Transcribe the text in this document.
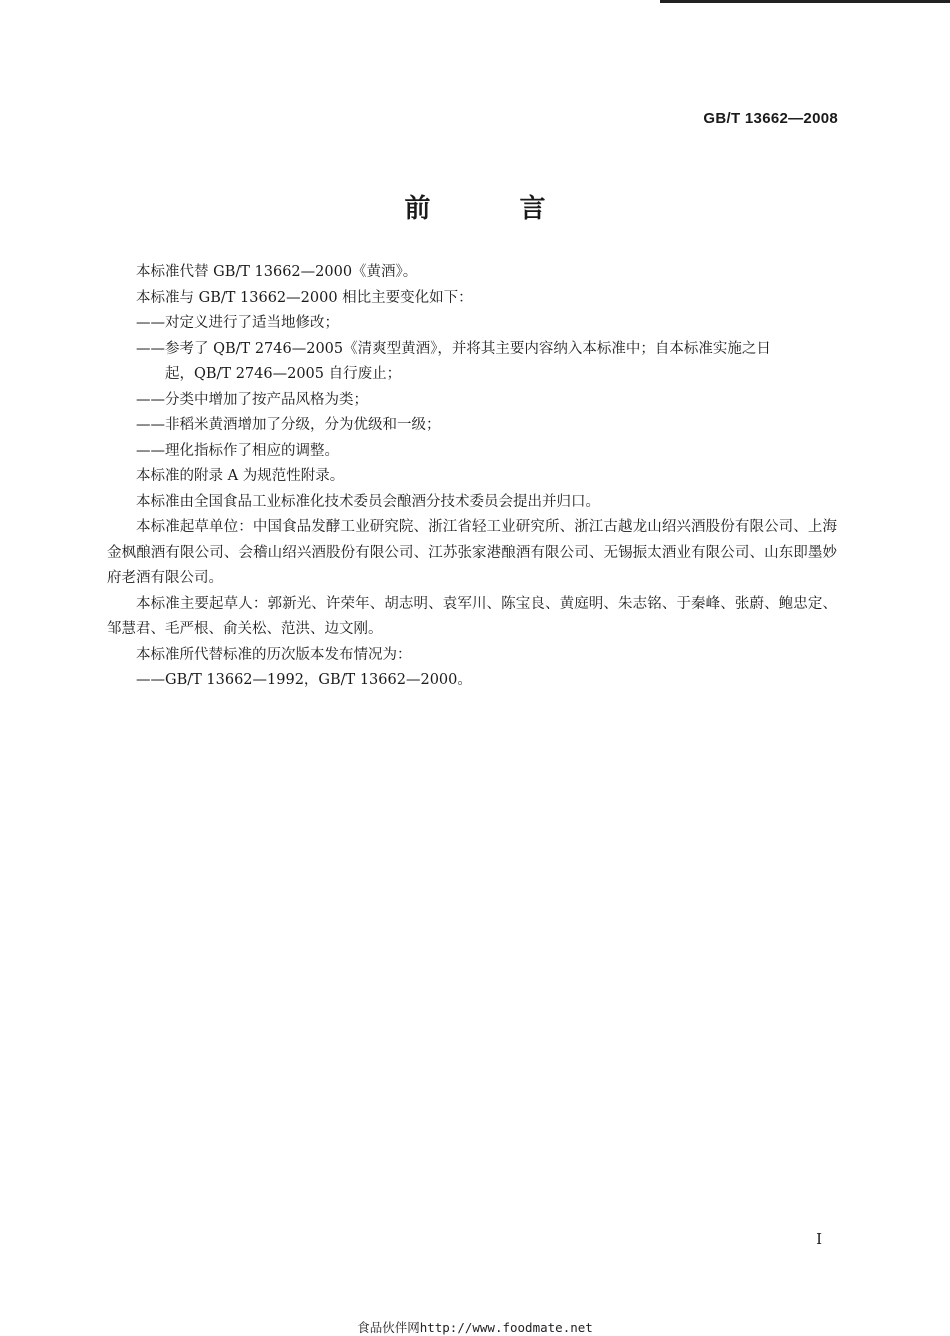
GB/T 13662—2008
前 言

本标准代替 GB/T 13662—2000《黄酒》。

本标准与 GB/T 13662—2000 相比主要变化如下：

——对定义进行了适当地修改；

——参考了 QB/T 2746—2005《清爽型黄酒》，并将其主要内容纳入本标准中；自本标准实施之日

起，QB/T 2746—2005 自行废止；

——分类中增加了按产品风格为类；

——非稻米黄酒增加了分级，分为优级和一级；

——理化指标作了相应的调整。

本标准的附录 A 为规范性附录。

本标准由全国食品工业标准化技术委员会酿酒分技术委员会提出并归口。

本标准起草单位：中国食品发酵工业研究院、浙江省轻工业研究所、浙江古越龙山绍兴酒股份有限公司、上海金枫酿酒有限公司、会稽山绍兴酒股份有限公司、江苏张家港酿酒有限公司、无锡振太酒业有限公司、山东即墨妙府老酒有限公司。

本标准主要起草人：郭新光、许荣年、胡志明、袁军川、陈宝良、黄庭明、朱志铭、于秦峰、张蔚、鲍忠定、邹慧君、毛严根、俞关松、范洪、边文刚。

本标准所代替标准的历次版本发布情况为：

——GB/T 13662—1992，GB/T 13662—2000。

I
食品伙伴网http://www.foodmate.net
